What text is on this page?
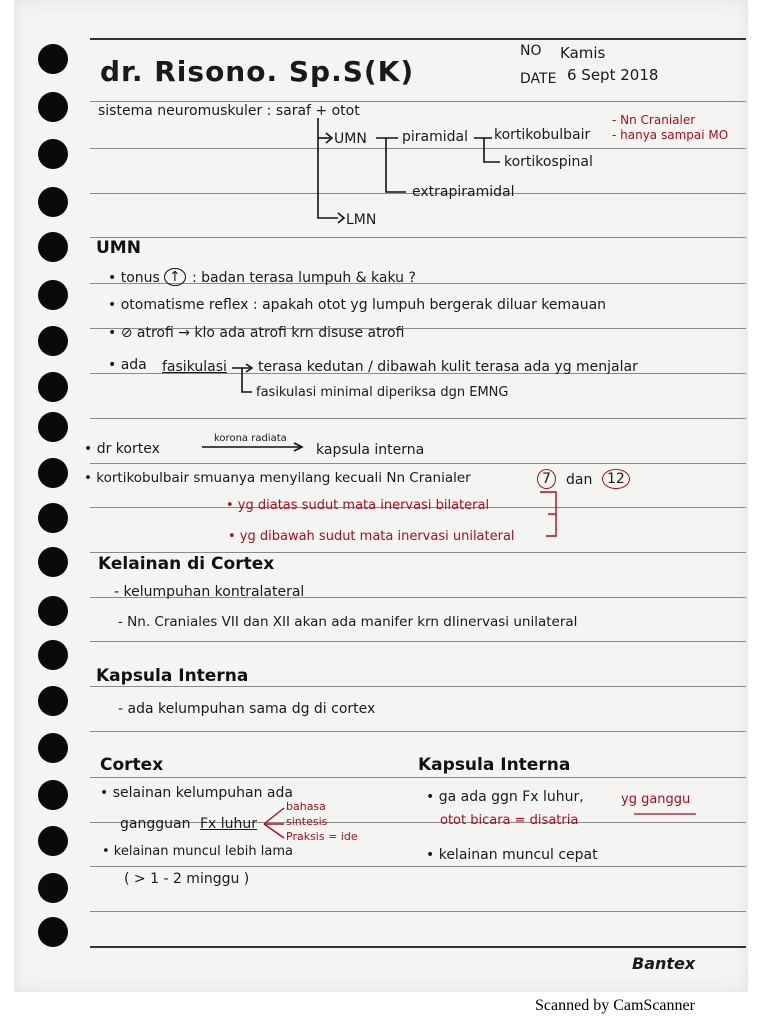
NO Kamis
DATE 6 Sept 2018
dr. Risono. Sp.S(K)
sistema neuromuskuler : saraf + otot
UMN	piramidal kortikobulbair
- Nn Cranialer
- hanya sampai MO
kortikospinal
extrapiramidal
LMN
UMN
• tonus ↑ : badan terasa lumpuh & kaku ?
• otomatisme reflex : apakah otot yg lumpuh bergerak diluar kemauan
• ⊘ atrofi → klo ada atrofi krn disuse atrofi
• ada fasikulasi terasa kedutan / dibawah kulit terasa ada yg menjalar
fasikulasi minimal diperiksa dgn EMNG
• dr kortex
korona radiata
kapsula interna
• kortikobulbair smuanya menyilang kecuali Nn Cranialer	7	dan	12
• yg diatas sudut mata inervasi bilateral
• yg dibawah sudut mata inervasi unilateral
Kelainan di Cortex
- kelumpuhan kontralateral
- Nn. Craniales VII dan XII akan ada manifer krn dIinervasi unilateral
Kapsula Interna
- ada kelumpuhan sama dg di cortex
Cortex	Kapsula Interna
• selainan kelumpuhan ada
gangguan Fx luhur
bahasa
sintesis
Praksis = ide
• kelainan muncul lebih lama
( > 1 - 2 minggu )
• ga ada ggn Fx luhur,	yg ganggu
otot bicara = disatria
• kelainan muncul cepat
Bantex
Scanned by CamScanner
